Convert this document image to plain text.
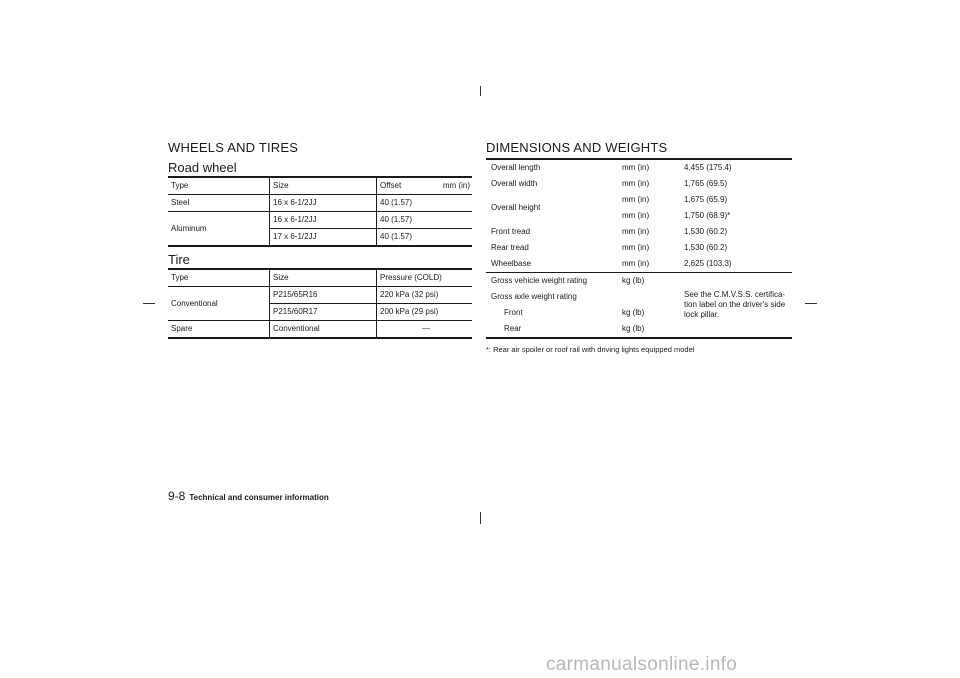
WHEELS AND TIRES
Road wheel
Type	Size	Offset mm (in)

Steel	16 x 6-1/2JJ	40 (1.57)
Aluminum	16 x 6-1/2JJ	40 (1.57)
	17 x 6-1/2JJ	40 (1.57)
Tire
Type	Size	Pressure (COLD)
Conventional	P215/65R16	220 kPa (32 psi)
	P215/60R17	200 kPa (29 psi)
Spare	Conventional	—
DIMENSIONS AND WEIGHTS
Overall length	mm (in)	4,455 (175.4)
Overall width	mm (in)	1,765 (69.5)
Overall height	mm (in)	1,675 (65.9)
	mm (in)	1,750 (68.9)*
Front tread	mm (in)	1,530 (60.2)
Rear tread	mm (in)	1,530 (60.2)
Wheelbase	mm (in)	2,625 (103.3)
Gross vehicle weight rating	kg (lb)	See the C.M.V.S.S. certifica-tion label on the driver's side lock pillar.
Gross axle weight rating		
Front	kg (lb)	
Rear	kg (lb)	
*: Rear air spoiler or roof rail with driving lights equipped model
9-8 Technical and consumer information
carmanualsonline.info
